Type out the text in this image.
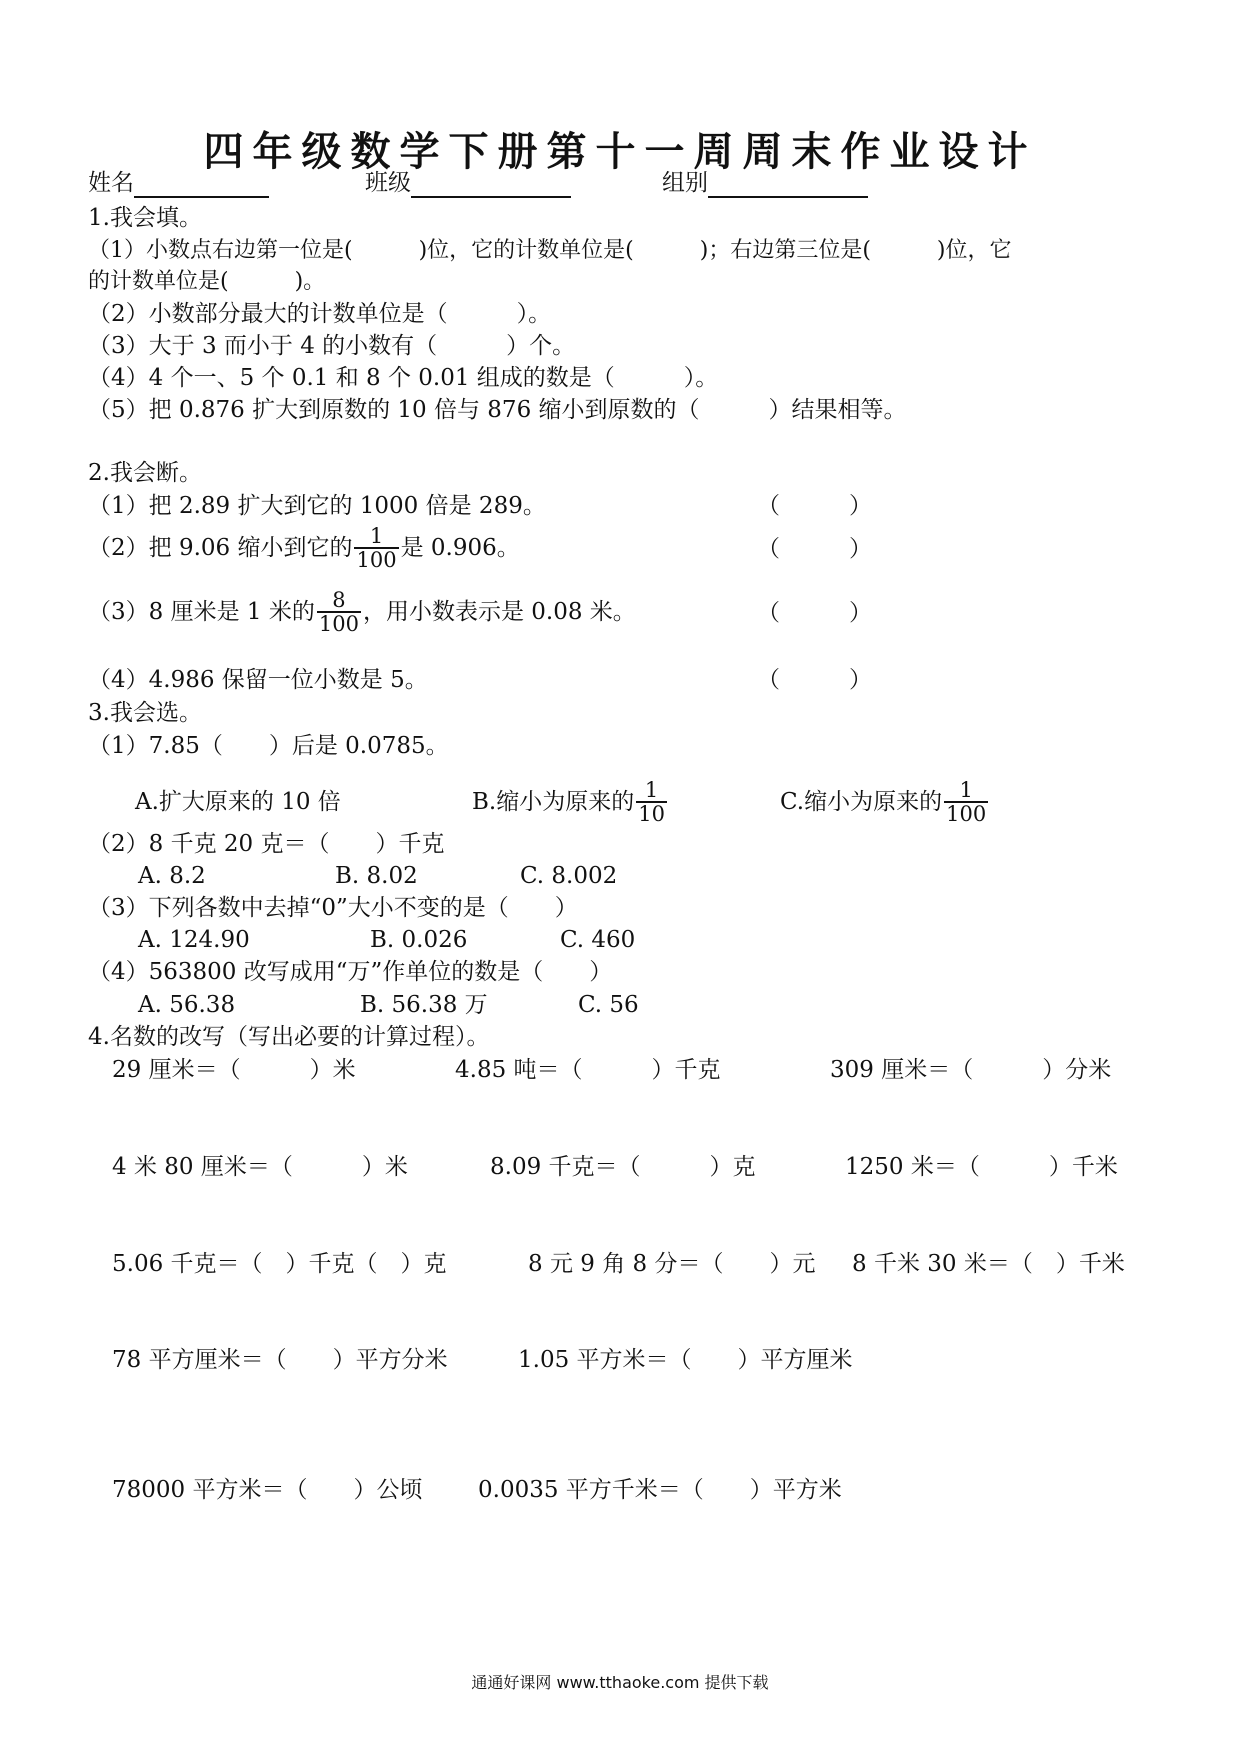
四年级数学下册第十一周周末作业设计
姓名	班级	组别
1.我会填。
（1）小数点右边第一位是(　　　)位，它的计数单位是(　　　)；右边第三位是(　　　)位，它
的计数单位是(　　　)。
（2）小数部分最大的计数单位是（　　　）。
（3）大于 3 而小于 4 的小数有（　　　）个。
（4）4 个一、5 个 0.1 和 8 个 0.01 组成的数是（　　　）。
（5）把 0.876 扩大到原数的 10 倍与 876 缩小到原数的（　　　）结果相等。
2.我会断。
（1）把 2.89 扩大到它的 1000 倍是 289。	（　　　）
（2）把 9.06 缩小到它的 $\frac{1}{100}$ 是 0.906。	（　　　）
（3）8 厘米是 1 米的 $\frac{8}{100}$ ，用小数表示是 0.08 米。	（　　　）
（4）4.986 保留一位小数是 5。	（　　　）
3.我会选。
（1）7.85（　　）后是 0.0785。
A.扩大原来的 10 倍	B.缩小为原来的 $\frac{1}{10}$	C.缩小为原来的 $\frac{1}{100}$
（2）8 千克 20 克＝（　　）千克
A. 8.2	B. 8.02	C. 8.002
（3）下列各数中去掉“0”大小不变的是（　　）
A. 124.90	B. 0.026	C. 460
（4）563800 改写成用“万”作单位的数是（　　）
A. 56.38	B. 56.38 万	C. 56
4.名数的改写（写出必要的计算过程）。
29 厘米＝（　　　）米	4.85 吨＝（　　　）千克	309 厘米＝（　　　）分米
4 米 80 厘米＝（　　　）米	8.09 千克＝（　　　）克	1250 米＝（　　　）千米
5.06 千克＝（　）千克（　）克	8 元 9 角 8 分＝（　　）元 8 千米 30 米＝（　）千米
78 平方厘米＝（　　）平方分米	1.05 平方米＝（　　）平方厘米
78000 平方米＝（　　）公顷 0.0035 平方千米＝（　　）平方米
通通好课网 www.tthaoke.com 提供下载
